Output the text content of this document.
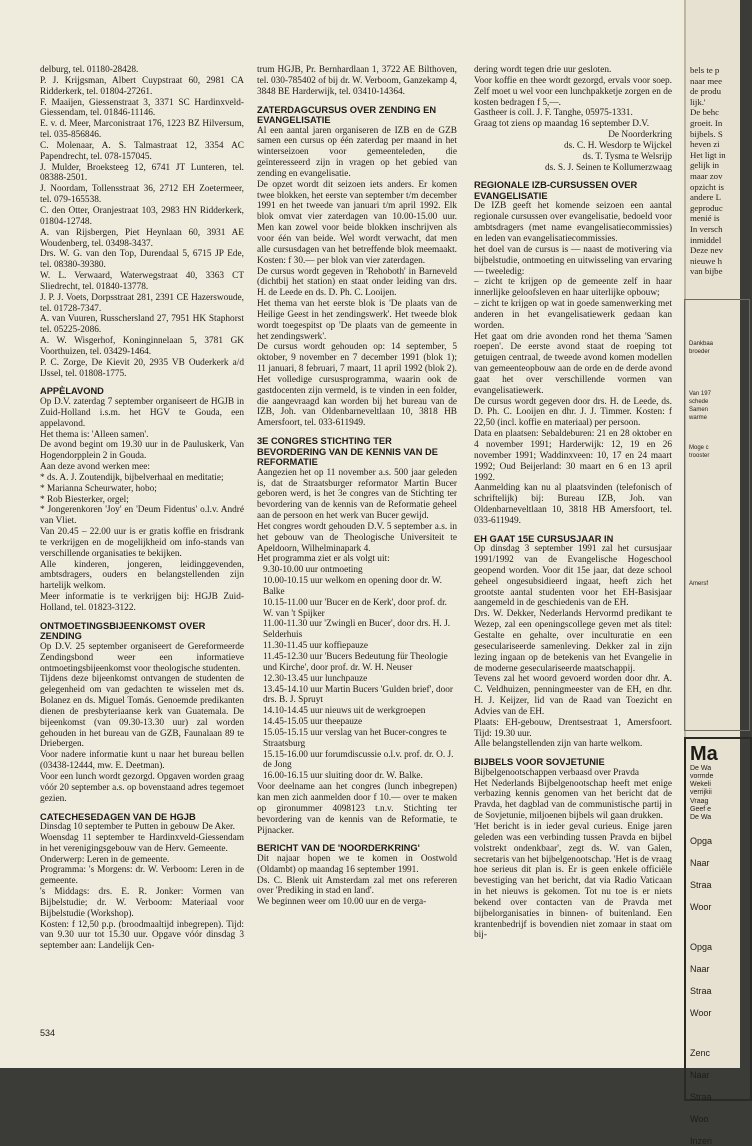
delburg, tel. 01180-28428.

P. J. Krijgsman, Albert Cuypstraat 60, 2981 CA Ridderkerk, tel. 01804-27261.

F. Maaijen, Giessenstraat 3, 3371 SC Hardinxveld-Giessendam, tel. 01846-11146.

E. v. d. Meer, Marconistraat 176, 1223 BZ Hilversum, tel. 035-856846.

C. Molenaar, A. S. Talmastraat 12, 3354 AC Papendrecht, tel. 078-157045.

J. Mulder, Broeksteeg 12, 6741 JT Lunteren, tel. 08388-2501.

J. Noordam, Tollensstraat 36, 2712 EH Zoetermeer, tel. 079-165538.

C. den Otter, Oranjestraat 103, 2983 HN Ridderkerk, 01804-12748.

A. van Rijsbergen, Piet Heynlaan 60, 3931 AE Woudenberg, tel. 03498-3437.

Drs. W. G. van den Top, Durendaal 5, 6715 JP Ede, tel. 08380-39380.

W. L. Verwaard, Waterwegstraat 40, 3363 CT Sliedrecht, tel. 01840-13778.

J. P. J. Voets, Dorpsstraat 281, 2391 CE Hazerswoude, tel. 01728-7347.

A. van Vuuren, Russchersland 27, 7951 HK Staphorst tel. 05225-2086.

A. W. Wisgerhof, Koninginnelaan 5, 3781 GK Voorthuizen, tel. 03429-1464.

P. C. Zorge, De Kievit 20, 2935 VB Ouderkerk a/d IJssel, tel. 01808-1775.

APPÈLAVOND

Op D.V. zaterdag 7 september organiseert de HGJB in Zuid-Holland i.s.m. het HGV te Gouda, een appelavond.

Het thema is: 'Alleen samen'.

De avond begint om 19.30 uur in de Pauluskerk, Van Hogendorpplein 2 in Gouda.

Aan deze avond werken mee:

* ds. A. J. Zoutendijk, bijbelverhaal en meditatie;

* Marianna Scheurwater, hobo;

* Rob Biesterker, orgel;

* Jongerenkoren 'Joy' en 'Deum Fidentus' o.l.v. André van Vliet.

Van 20.45 – 22.00 uur is er gratis koffie en frisdrank te verkrijgen en de mogelijkheid om info-stands van verschillende organisaties te bekijken.

Alle kinderen, jongeren, leidinggevenden, ambtsdragers, ouders en belangstellenden zijn hartelijk welkom.

Meer informatie is te verkrijgen bij: HGJB Zuid-Holland, tel. 01823-3122.

ONTMOETINGSBIJEENKOMST OVER ZENDING

Op D.V. 25 september organiseert de Gereformeerde Zendingsbond weer een informatieve ontmoetingsbijeenkomst voor theologische studenten.

Tijdens deze bijeenkomst ontvangen de studenten de gelegenheid om van gedachten te wisselen met ds. Bolanez en ds. Miguel Tomás. Genoemde predikanten dienen de presbyteriaanse kerk van Guatemala. De bijeenkomst (van 09.30-13.30 uur) zal worden gehouden in het bureau van de GZB, Faunalaan 89 te Driebergen.

Voor nadere informatie kunt u naar het bureau bellen (03438-12444, mw. E. Deetman).

Voor een lunch wordt gezorgd. Opgaven worden graag vóór 20 september a.s. op bovenstaand adres tegemoet gezien.

CATECHESEDAGEN VAN DE HGJB

Dinsdag 10 september te Putten in gebouw De Aker.

Woensdag 11 september te Hardinxveld-Giessendam in het verenigingsgebouw van de Herv. Gemeente.

Onderwerp: Leren in de gemeente.

Programma: 's Morgens: dr. W. Verboom: Leren in de gemeente.

's Middags: drs. E. R. Jonker: Vormen van Bijbelstudie; dr. W. Verboom: Materiaal voor Bijbelstudie (Workshop).

Kosten: f 12,50 p.p. (broodmaaltijd inbegrepen). Tijd: van 9.30 uur tot 15.30 uur. Opgave vóór dinsdag 3 september aan: Landelijk Cen-

trum HGJB, Pr. Bernhardlaan 1, 3722 AE Bilthoven, tel. 030-785402 of bij dr. W. Verboom, Ganzekamp 4, 3848 BE Harderwijk, tel. 03410-14364.

ZATERDAGCURSUS OVER ZENDING EN EVANGELISATIE

Al een aantal jaren organiseren de IZB en de GZB samen een cursus op één zaterdag per maand in het winterseizoen voor gemeenteleden, die geïnteresseerd zijn in vragen op het gebied van zending en evangelisatie.

De opzet wordt dit seizoen iets anders. Er komen twee blokken, het eerste van september t/m december 1991 en het tweede van januari t/m april 1992. Elk blok omvat vier zaterdagen van 10.00-15.00 uur. Men kan zowel voor beide blokken inschrijven als voor één van beide. Wel wordt verwacht, dat men alle cursusdagen van het betreffende blok meemaakt. Kosten: f 30.— per blok van vier zaterdagen.

De cursus wordt gegeven in 'Rehoboth' in Barneveld (dichtbij het station) en staat onder leiding van drs. H. de Leede en ds. D. Ph. C. Looijen.

Het thema van het eerste blok is 'De plaats van de Heilige Geest in het zendingswerk'. Het tweede blok wordt toegespitst op 'De plaats van de gemeente in het zendingswerk'.

De cursus wordt gehouden op: 14 september, 5 oktober, 9 november en 7 december 1991 (blok 1); 11 januari, 8 februari, 7 maart, 11 april 1992 (blok 2). Het volledige cursusprogramma, waarin ook de gastdocenten zijn vermeld, is te vinden in een folder, die aangevraagd kan worden bij het bureau van de IZB, Joh. van Oldenbarneveltlaan 10, 3818 HB Amersfoort, tel. 033-611949.

3E CONGRES STICHTING TER BEVORDERING VAN DE KENNIS VAN DE REFORMATIE

Aangezien het op 11 november a.s. 500 jaar geleden is, dat de Straatsburger reformator Martin Bucer geboren werd, is het 3e congres van de Stichting ter bevordering van de kennis van de Reformatie geheel aan de persoon en het werk van Bucer gewijd.

Het congres wordt gehouden D.V. 5 september a.s. in het gebouw van de Theologische Universiteit te Apeldoorn, Wilhelminapark 4.

Het programma ziet er als volgt uit:

9.30-10.00 uur ontmoeting

10.00-10.15 uur welkom en opening door dr. W. Balke

10.15-11.00 uur 'Bucer en de Kerk', door prof. dr. W. van 't Spijker

11.00-11.30 uur 'Zwingli en Bucer', door drs. H. J. Selderhuis

11.30-11.45 uur koffiepauze

11.45-12.30 uur 'Bucers Bedeutung für Theologie und Kirche', door prof. dr. W. H. Neuser

12.30-13.45 uur lunchpauze

13.45-14.10 uur Martin Bucers 'Gulden brief', door drs. B. J. Spruyt

14.10-14.45 uur nieuws uit de werkgroepen

14.45-15.05 uur theepauze

15.05-15.15 uur verslag van het Bucer-congres te Straatsburg

15.15-16.00 uur forumdiscussie o.l.v. prof. dr. O. J. de Jong

16.00-16.15 uur sluiting door dr. W. Balke.

Voor deelname aan het congres (lunch inbegrepen) kan men zich aanmelden door f 10.— over te maken op gironummer 4098123 t.n.v. Stichting ter bevordering van de kennis van de Reformatie, te Pijnacker.

BERICHT VAN DE 'NOORDERKRING'

Dit najaar hopen we te komen in Oostwold (Oldambt) op maandag 16 september 1991.

Ds. C. Blenk uit Amsterdam zal met ons refereren over 'Prediking in stad en land'.

We beginnen weer om 10.00 uur en de verga-

dering wordt tegen drie uur gesloten.

Voor koffie en thee wordt gezorgd, ervals voor soep. Zelf moet u wel voor een lunchpakketje zorgen en de kosten bedragen f 5,—.

Gastheer is coll. J. F. Tanghe, 05975-1331.

Graag tot ziens op maandag 16 september D.V.

De Noorderkring

ds. C. H. Wesdorp te Wijckel

ds. T. Tysma te Welsrijp

ds. S. J. Seinen te Kollumerzwaag

REGIONALE IZB-CURSUSSEN OVER EVANGELISATIE

De IZB geeft het komende seizoen een aantal regionale cursussen over evangelisatie, bedoeld voor ambtsdragers (met name evangelisatiecommissies) en leden van evangelisatiecommissies.

het doel van de cursus is — naast de motivering via bijbelstudie, ontmoeting en uitwisseling van ervaring — tweeledig:

– zicht te krijgen op de gemeente zelf in haar innerlijke geloofsleven en haar uiterlijke opbouw;

– zicht te krijgen op wat in goede samenwerking met anderen in het evangelisatiewerk gedaan kan worden.

Het gaat om drie avonden rond het thema 'Samen roepen'. De eerste avond staat de roeping tot getuigen centraal, de tweede avond komen modellen van gemeenteopbouw aan de orde en de derde avond gaat het over verschillende vormen van evangelisatiewerk.

De cursus wordt gegeven door drs. H. de Leede, ds. D. Ph. C. Looijen en dhr. J. J. Timmer. Kosten: f 22,50 (incl. koffie en materiaal) per persoon.

Data en plaatsen: Sebaldeburen: 21 en 28 oktober en 4 november 1991; Harderwijk: 12, 19 en 26 november 1991; Waddinxveen: 10, 17 en 24 maart 1992; Oud Beijerland: 30 maart en 6 en 13 april 1992.

Aanmelding kan nu al plaatsvinden (telefonisch of schriftelijk) bij: Bureau IZB, Joh. van Oldenbarneveltlaan 10, 3818 HB Amersfoort, tel. 033-611949.

EH GAAT 15E CURSUSJAAR IN

Op dinsdag 3 september 1991 zal het cursusjaar 1991/1992 van de Evangelische Hogeschool geopend worden. Voor dit 15e jaar, dat deze school geheel ongesubsidieerd ingaat, heeft zich het grootste aantal studenten voor het EH-Basisjaar aangemeld in de geschiedenis van de EH.

Drs. W. Dekker, Nederlands Hervormd predikant te Wezep, zal een openingscollege geven met als titel: Gestalte en gehalte, over inculturatie en een geseculariseerde samenleving. Dekker zal in zijn lezing ingaan op de betekenis van het Evangelie in de moderne geseculariseerde maatschappij.

Tevens zal het woord gevoerd worden door dhr. A. C. Veldhuizen, penningmeester van de EH, en dhr. H. J. Keijzer, lid van de Raad van Toezicht en Advies van de EH.

Plaats: EH-gebouw, Drentsestraat 1, Amersfoort. Tijd: 19.30 uur.

Alle belangstellenden zijn van harte welkom.

BIJBELS VOOR SOVJETUNIE

Bijbelgenootschappen verbaasd over Pravda

Het Nederlands Bijbelgenootschap heeft met enige verbazing kennis genomen van het bericht dat de Pravda, het dagblad van de communistische partij in de Sovjetunie, miljoenen bijbels wil gaan drukken.

'Het bericht is in ieder geval curieus. Enige jaren geleden was een verbinding tussen Pravda en bijbel volstrekt ondenkbaar', zegt ds. W. van Galen, secretaris van het bijbelgenootschap. 'Het is de vraag hoe serieus dit plan is. Er is geen enkele officiële bevestiging van het bericht, dat via Radio Vaticaan in het nieuws is gekomen. Tot nu toe is er niets bekend over contacten van de Pravda met bijbelorganisaties in binnen- of buitenland. Een krantenbedrijf is bovendien niet zomaar in staat om bij-

534
bels te p
naar mee
de produ
lijk.'
De behc
groeit. In
bijbels. S
heven zi
Het ligt in
gelijk in
maar zov
opzicht is
andere L
geproduc
menié is
In versch
inmiddel
Deze nev
nieuwe h
van bijbe
Dankbaa
broeder
Van 197
schede
Samen
warme
Moge c
trooster
Amersf
Ma
De Wa
vormde
Wekeli
verrijkii
Vraag
Geef e
De Wa
Opga
Naar
Straa
Woor
Opga
Naar
Straa
Woor
Zenc
Naar
Straa
Woo
Inzen
